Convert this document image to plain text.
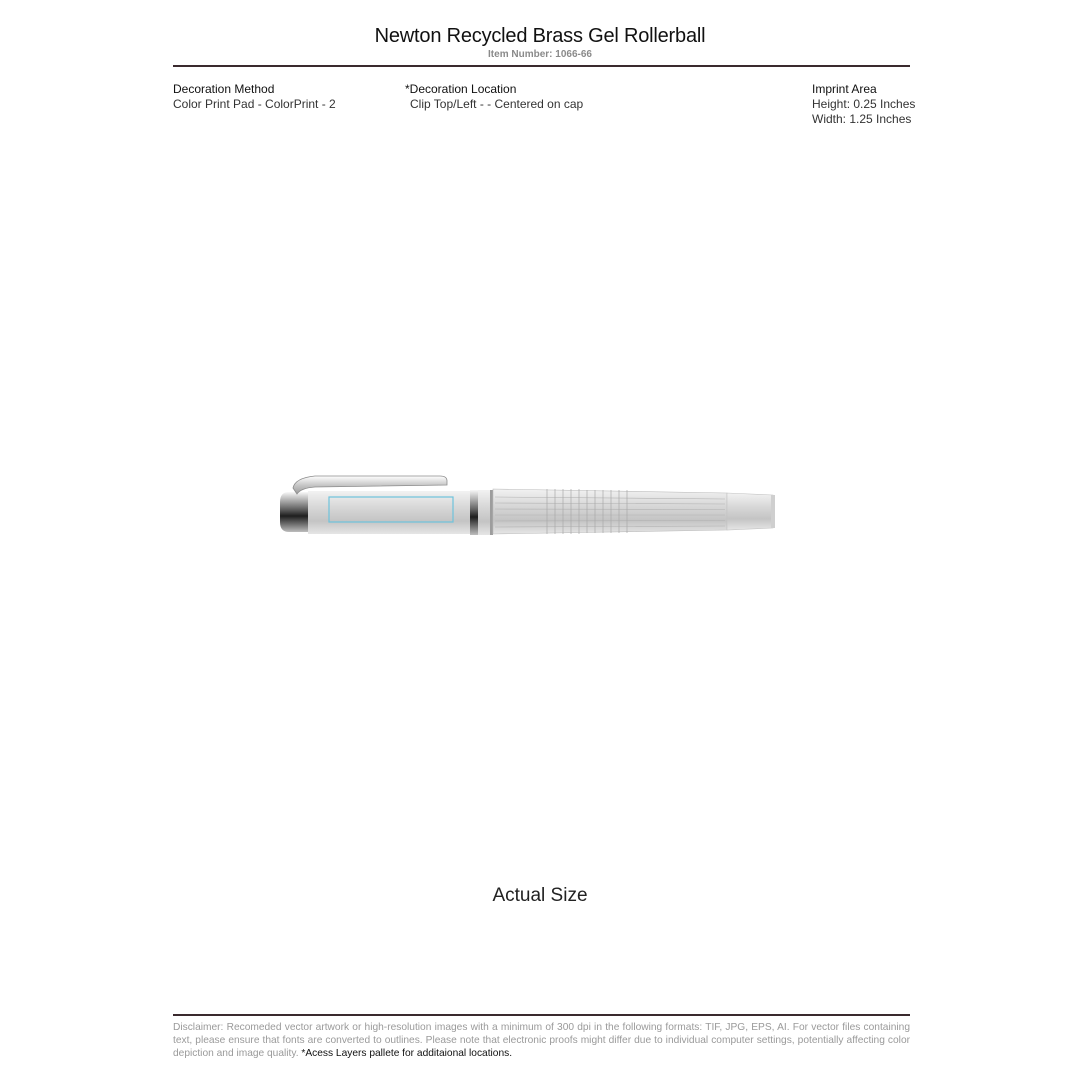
Newton Recycled Brass Gel Rollerball
Item Number: 1066-66
Decoration Method
Color Print Pad - ColorPrint - 2
*Decoration Location
Clip Top/Left - - Centered on cap
Imprint Area
Height: 0.25 Inches
Width: 1.25 Inches
Actual Size
Disclaimer: Recomeded vector artwork or high-resolution images with a minimum of 300 dpi in the following formats: TIF, JPG, EPS, AI. For vector files containing text, please ensure that fonts are converted to outlines. Please note that electronic proofs might differ due to individual computer settings, potentially affecting color depiction and image quality. *Acess Layers pallete for additaional locations.
